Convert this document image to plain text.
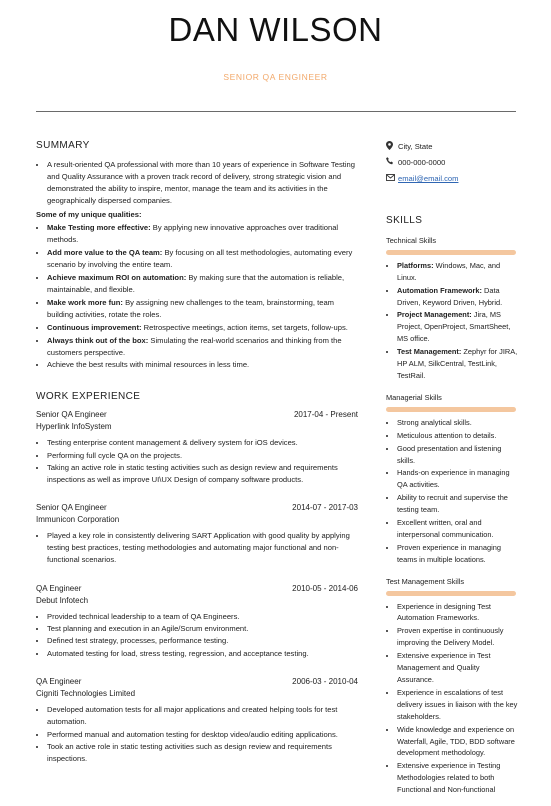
DAN WILSON
SENIOR QA ENGINEER
SUMMARY
• A result-oriented QA professional with more than 10 years of experience in Software Testing and Quality Assurance with a proven track record of delivery, strong strategic vision and demonstrated the ability to inspire, mentor, manage the team and its activities in the geographically dispersed companies.
Some of my unique qualities:
• Make Testing more effective: By applying new innovative approaches over traditional methods.
• Add more value to the QA team: By focusing on all test methodologies, automating every scenario by involving the entire team.
• Achieve maximum ROI on automation: By making sure that the automation is reliable, maintainable, and flexible.
• Make work more fun: By assigning new challenges to the team, brainstorming, team building activities, rotate the roles.
• Continuous improvement: Retrospective meetings, action items, set targets, follow-ups.
• Always think out of the box: Simulating the real-world scenarios and thinking from the customers perspective.
• Achieve the best results with minimal resources in less time.
WORK EXPERIENCE
Senior QA Engineer	2017-04 - Present
Hyperlink InfoSystem
• Testing enterprise content management & delivery system for iOS devices.
• Performing full cycle QA on the projects.
• Taking an active role in static testing activities such as design review and requirements inspections as well as improve UI\UX Design of company software products.
Senior QA Engineer	2014-07 - 2017-03
Immunicon Corporation
• Played a key role in consistently delivering SART Application with good quality by applying testing best practices, testing methodologies and automating major functional and non-functional scenarios.
QA Engineer	2010-05 - 2014-06
Debut Infotech
• Provided technical leadership to a team of QA Engineers.
• Test planning and execution in an Agile/Scrum environment.
• Defined test strategy, processes, performance testing.
• Automated testing for load, stress testing, regression, and acceptance testing.
QA Engineer	2006-03 - 2010-04
Cigniti Technologies Limited
• Developed automation tests for all major applications and created helping tools for test automation.
• Performed manual and automation testing for desktop video/audio editing applications.
• Took an active role in static testing activities such as design review and requirements inspections.
City, State
000-000-0000
email@email.com
SKILLS
Technical Skills
• Platforms: Windows, Mac, and Linux.
• Automation Framework: Data Driven, Keyword Driven, Hybrid.
• Project Management: Jira, MS Project, OpenProject, SmartSheet, MS office.
• Test Management: Zephyr for JIRA, HP ALM, SilkCentral, TestLink, TestRail.
Managerial Skills
• Strong analytical skills.
• Meticulous attention to details.
• Good presentation and listening skills.
• Hands-on experience in managing QA activities.
• Ability to recruit and supervise the testing team.
• Excellent written, oral and interpersonal communication.
• Proven experience in managing teams in multiple locations.
Test Management Skills
• Experience in designing Test Automation Frameworks.
• Proven expertise in continuously improving the Delivery Model.
• Extensive experience in Test Management and Quality Assurance.
• Experience in escalations of test delivery issues in liaison with the key stakeholders.
• Wide knowledge and experience on Waterfall, Agile, TDD, BDD software development methodology.
• Extensive experience in Testing Methodologies related to both Functional and Non-functional
